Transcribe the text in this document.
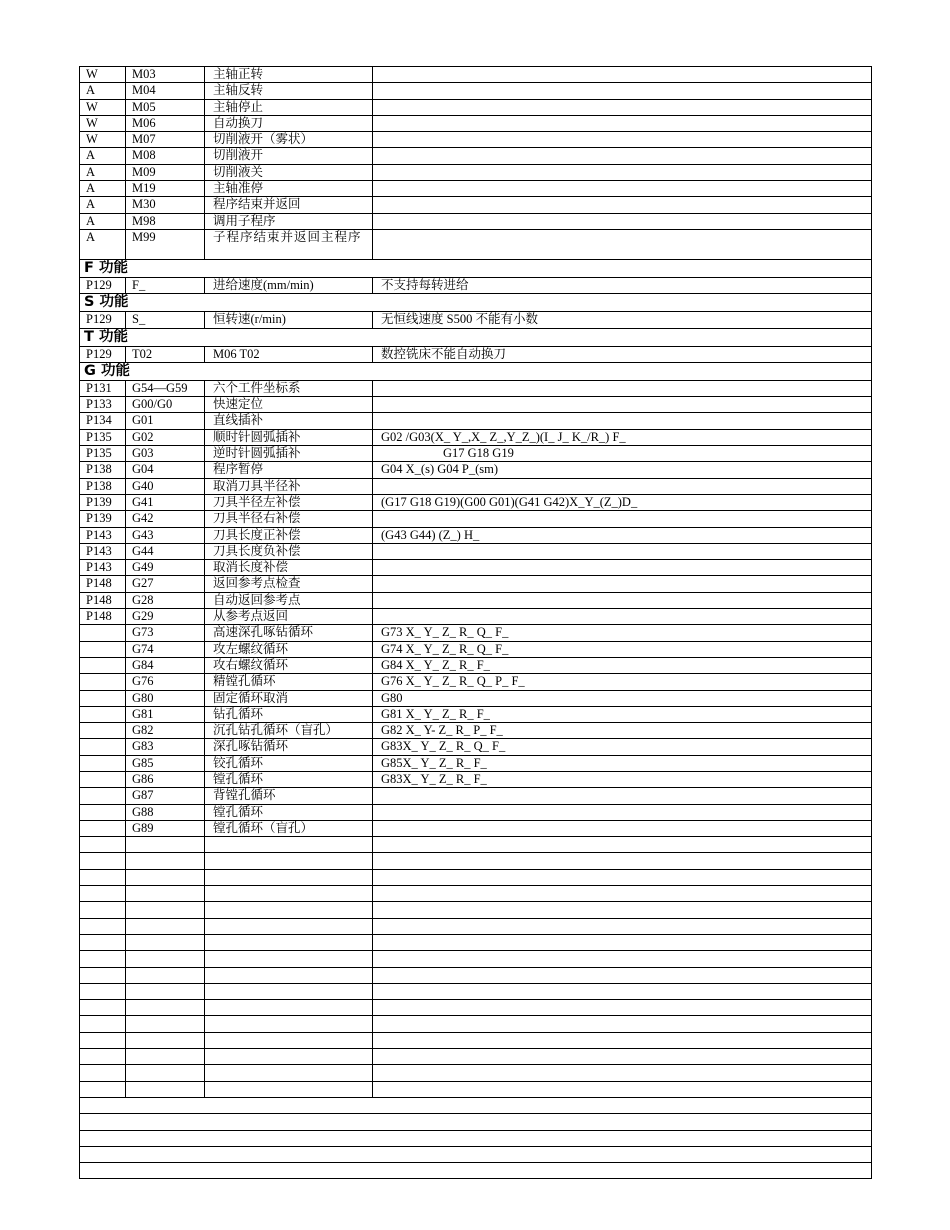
W	M03	主轴正转	
A	M04	主轴反转	
W	M05	主轴停止	
W	M06	自动换刀	
W	M07	切削液开（雾状）	
A	M08	切削液开	
A	M09	切削液关	
A	M19	主轴准停	
A	M30	程序结束并返回	
A	M98	调用子程序	
A	M99	子程序结束并返回主程序	
F 功能			
P129	F_	进给速度(mm/min)	不支持每转进给
S 功能			
P129	S_	恒转速(r/min)	无恒线速度 S500 不能有小数
T 功能			
P129	T02	M06 T02	数控铣床不能自动换刀
G 功能			
P131	G54—G59	六个工件坐标系	
P133	G00/G0	快速定位	
P134	G01	直线插补	
P135	G02	顺时针圆弧插补	G02 /G03(X_ Y_,X_ Z_,Y_Z_)(I_ J_ K_/R_) F_
P135	G03	逆时针圆弧插补	G17 G18 G19
P138	G04	程序暂停	G04 X_(s) G04 P_(sm)
P138	G40	取消刀具半径补	
P139	G41	刀具半径左补偿	(G17 G18 G19)(G00 G01)(G41 G42)X_Y_(Z_)D_
P139	G42	刀具半径右补偿	
P143	G43	刀具长度正补偿	(G43 G44) (Z_) H_
P143	G44	刀具长度负补偿	
P143	G49	取消长度补偿	
P148	G27	返回参考点检查	
P148	G28	自动返回参考点	
P148	G29	从参考点返回	
	G73	高速深孔啄钻循环	G73 X_ Y_ Z_ R_ Q_ F_
	G74	攻左螺纹循环	G74 X_ Y_ Z_ R_ Q_ F_
	G84	攻右螺纹循环	G84 X_ Y_ Z_ R_ F_
	G76	精镗孔循环	G76 X_ Y_ Z_ R_ Q_ P_ F_
	G80	固定循环取消	G80
	G81	钻孔循环	G81 X_ Y_ Z_ R_ F_
	G82	沉孔钻孔循环（盲孔）	G82 X_ Y- Z_ R_ P_ F_
	G83	深孔啄钻循环	G83X_ Y_ Z_ R_ Q_ F_
	G85	铰孔循环	G85X_ Y_ Z_ R_ F_
	G86	镗孔循环	G83X_ Y_ Z_ R_ F_
	G87	背镗孔循环	
	G88	镗孔循环	
	G89	镗孔循环（盲孔）	
